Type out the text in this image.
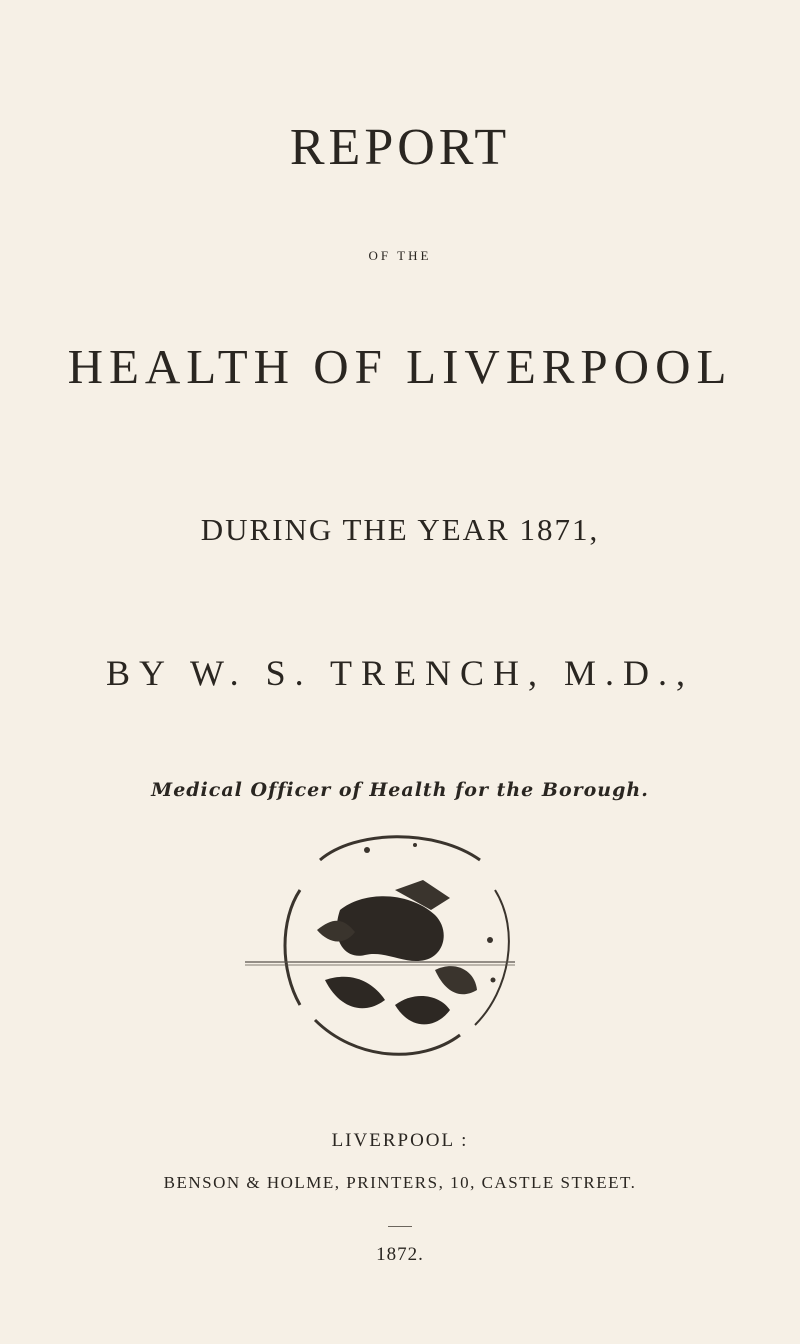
REPORT
OF THE
HEALTH OF LIVERPOOL
DURING THE YEAR 1871,
BY W. S. TRENCH, M.D.,
Medical Officer of Health for the Borough.
LIVERPOOL :
BENSON & HOLME, PRINTERS, 10, CASTLE STREET.
1872.
